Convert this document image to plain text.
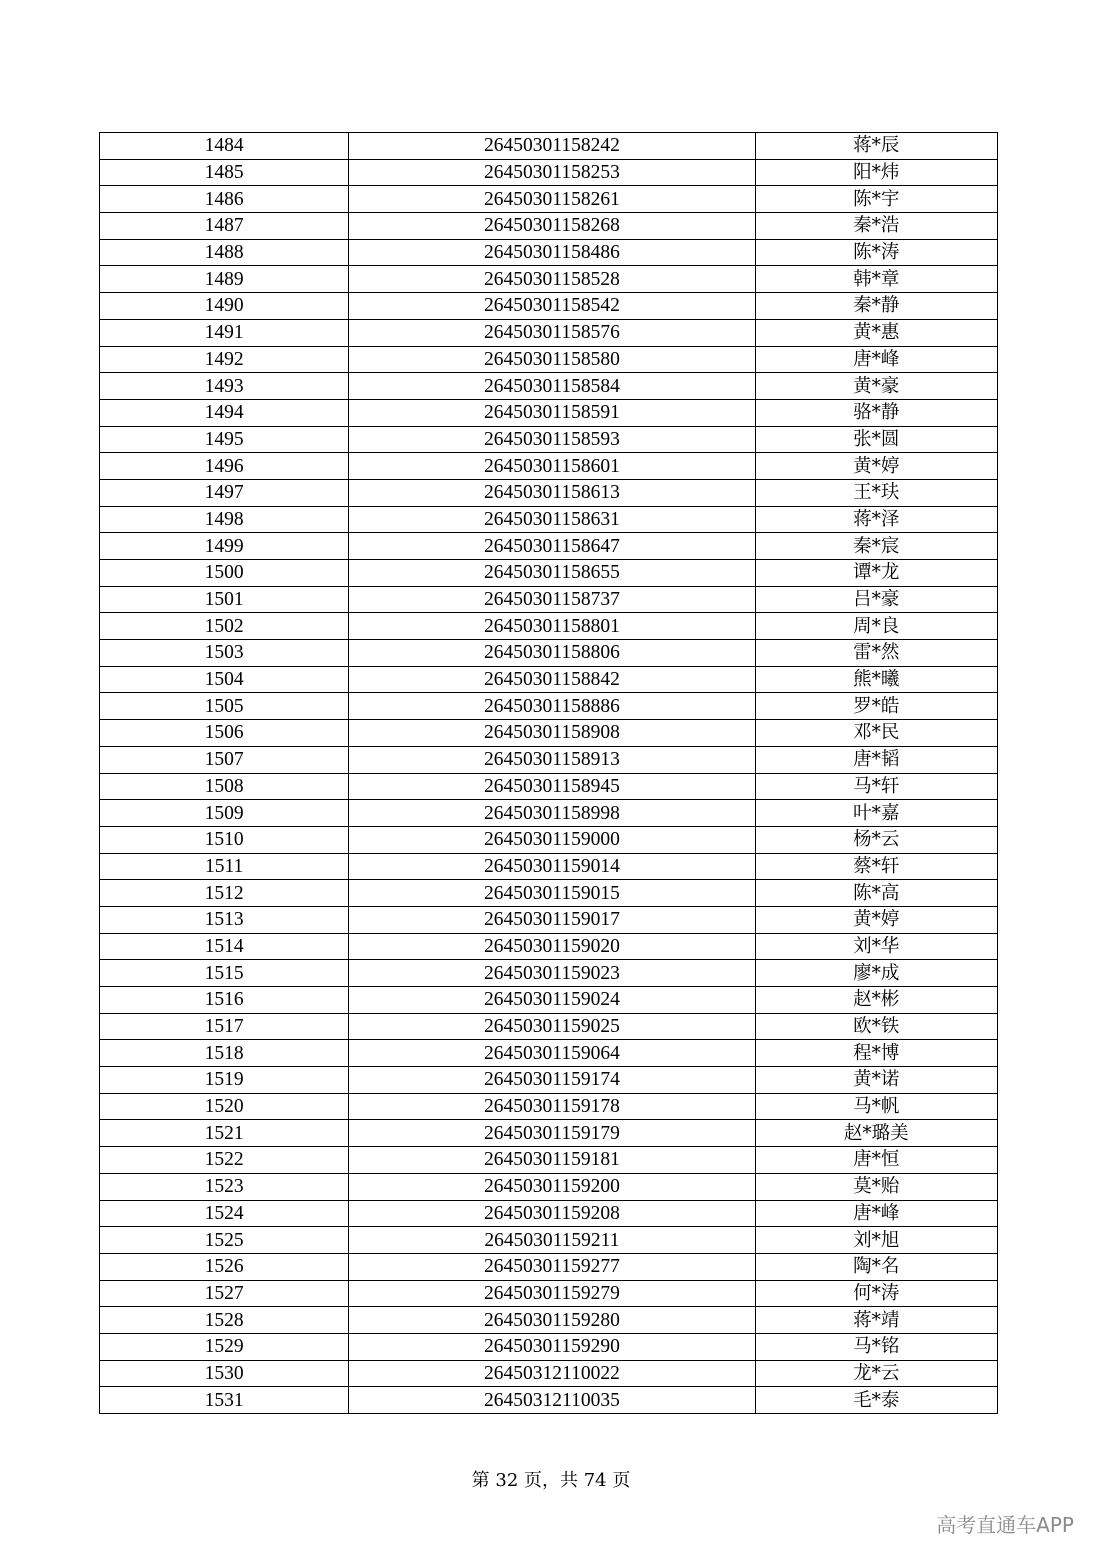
1484	26450301158242	蒋*辰
1485	26450301158253	阳*炜
1486	26450301158261	陈*宇
1487	26450301158268	秦*浩
1488	26450301158486	陈*涛
1489	26450301158528	韩*章
1490	26450301158542	秦*静
1491	26450301158576	黄*惠
1492	26450301158580	唐*峰
1493	26450301158584	黄*豪
1494	26450301158591	骆*静
1495	26450301158593	张*圆
1496	26450301158601	黄*婷
1497	26450301158613	王*玞
1498	26450301158631	蒋*泽
1499	26450301158647	秦*宸
1500	26450301158655	谭*龙
1501	26450301158737	吕*豪
1502	26450301158801	周*良
1503	26450301158806	雷*然
1504	26450301158842	熊*曦
1505	26450301158886	罗*皓
1506	26450301158908	邓*民
1507	26450301158913	唐*韬
1508	26450301158945	马*轩
1509	26450301158998	叶*嘉
1510	26450301159000	杨*云
1511	26450301159014	蔡*轩
1512	26450301159015	陈*高
1513	26450301159017	黄*婷
1514	26450301159020	刘*华
1515	26450301159023	廖*成
1516	26450301159024	赵*彬
1517	26450301159025	欧*铁
1518	26450301159064	程*博
1519	26450301159174	黄*诺
1520	26450301159178	马*帆
1521	26450301159179	赵*璐美
1522	26450301159181	唐*恒
1523	26450301159200	莫*贻
1524	26450301159208	唐*峰
1525	26450301159211	刘*旭
1526	26450301159277	陶*名
1527	26450301159279	何*涛
1528	26450301159280	蒋*靖
1529	26450301159290	马*铭
1530	26450312110022	龙*云
1531	26450312110035	毛*泰
第 32 页，共 74 页
高考直通车APP
